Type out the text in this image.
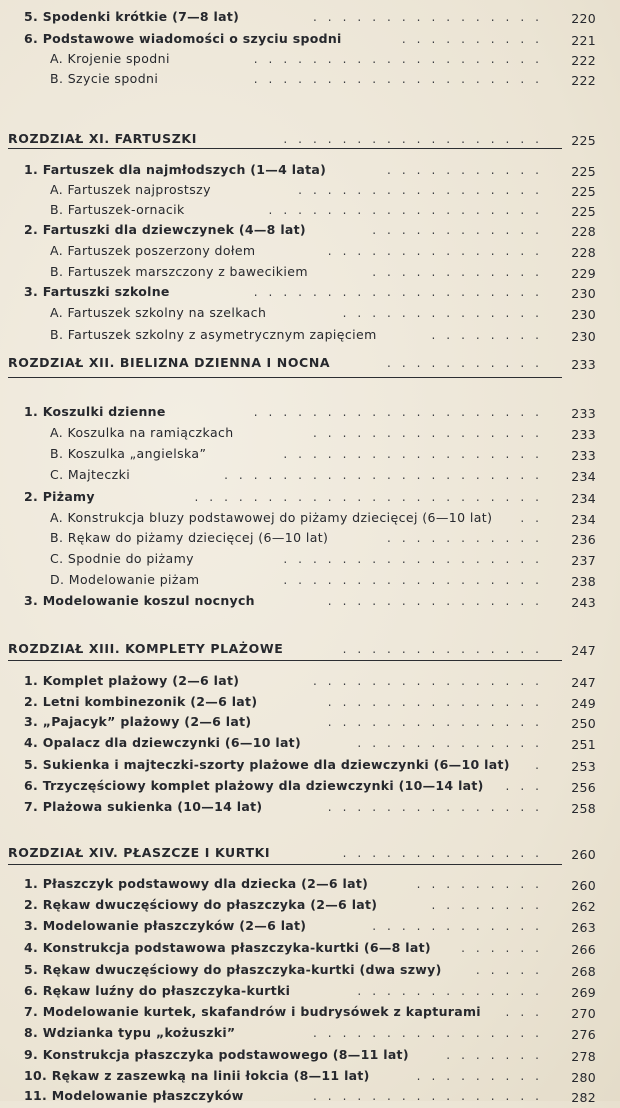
5. Spodenki krótkie (7—8 lat)	................	220
6. Podstawowe wiadomości o szyciu spodni	..........	221
A. Krojenie spodni	....................	222
B. Szycie spodni	....................	222
ROZDZIAŁ XI. FARTUSZKI	..................	225
1. Fartuszek dla najmłodszych (1—4 lata)	...........	225
A. Fartuszek najprostszy	.................	225
B. Fartuszek-ornacik	...................	225
2. Fartuszki dla dziewczynek (4—8 lat)	............	228
A. Fartuszek poszerzony dołem	...............	228
B. Fartuszek marszczony z bawecikiem	............	229
3. Fartuszki szkolne	....................	230
A. Fartuszek szkolny na szelkach	..............	230
B. Fartuszek szkolny z asymetrycznym zapięciem	........	230
ROZDZIAŁ XII. BIELIZNA DZIENNA I NOCNA	...........	233
1. Koszulki dzienne	....................	233
A. Koszulka na ramiączkach	................	233
B. Koszulka „angielska”	..................	233
C. Majteczki	......................	234
2. Piżamy	........................	234
A. Konstrukcja bluzy podstawowej do piżamy dziecięcej (6—10 lat)	..	234
B. Rękaw do piżamy dziecięcej (6—10 lat)	...........	236
C. Spodnie do piżamy	..................	237
D. Modelowanie piżam	..................	238
3. Modelowanie koszul nocnych	...............	243
ROZDZIAŁ XIII. KOMPLETY PLAŻOWE	..............	247
1. Komplet plażowy (2—6 lat)	................	247
2. Letni kombinezonik (2—6 lat)	...............	249
3. „Pajacyk” plażowy (2—6 lat)	...............	250
4. Opalacz dla dziewczynki (6—10 lat)	.............	251
5. Sukienka i majteczki-szorty plażowe dla dziewczynki (6—10 lat)	.	253
6. Trzyczęściowy komplet plażowy dla dziewczynki (10—14 lat)	...	256
7. Plażowa sukienka (10—14 lat)	...............	258
ROZDZIAŁ XIV. PŁASZCZE I KURTKI	..............	260
1. Płaszczyk podstawowy dla dziecka (2—6 lat)	.........	260
2. Rękaw dwuczęściowy do płaszczyka (2—6 lat)	........	262
3. Modelowanie płaszczyków (2—6 lat)	............	263
4. Konstrukcja podstawowa płaszczyka-kurtki (6—8 lat)	......	266
5. Rękaw dwuczęściowy do płaszczyka-kurtki (dwa szwy)	.....	268
6. Rękaw luźny do płaszczyka-kurtki	.............	269
7. Modelowanie kurtek, skafandrów i budrysówek z kapturami	...	270
8. Wdzianka typu „kożuszki”	................	276
9. Konstrukcja płaszczyka podstawowego (8—11 lat)	.......	278
10. Rękaw z zaszewką na linii łokcia (8—11 lat)	.........	280
11. Modelowanie płaszczyków	................	282
